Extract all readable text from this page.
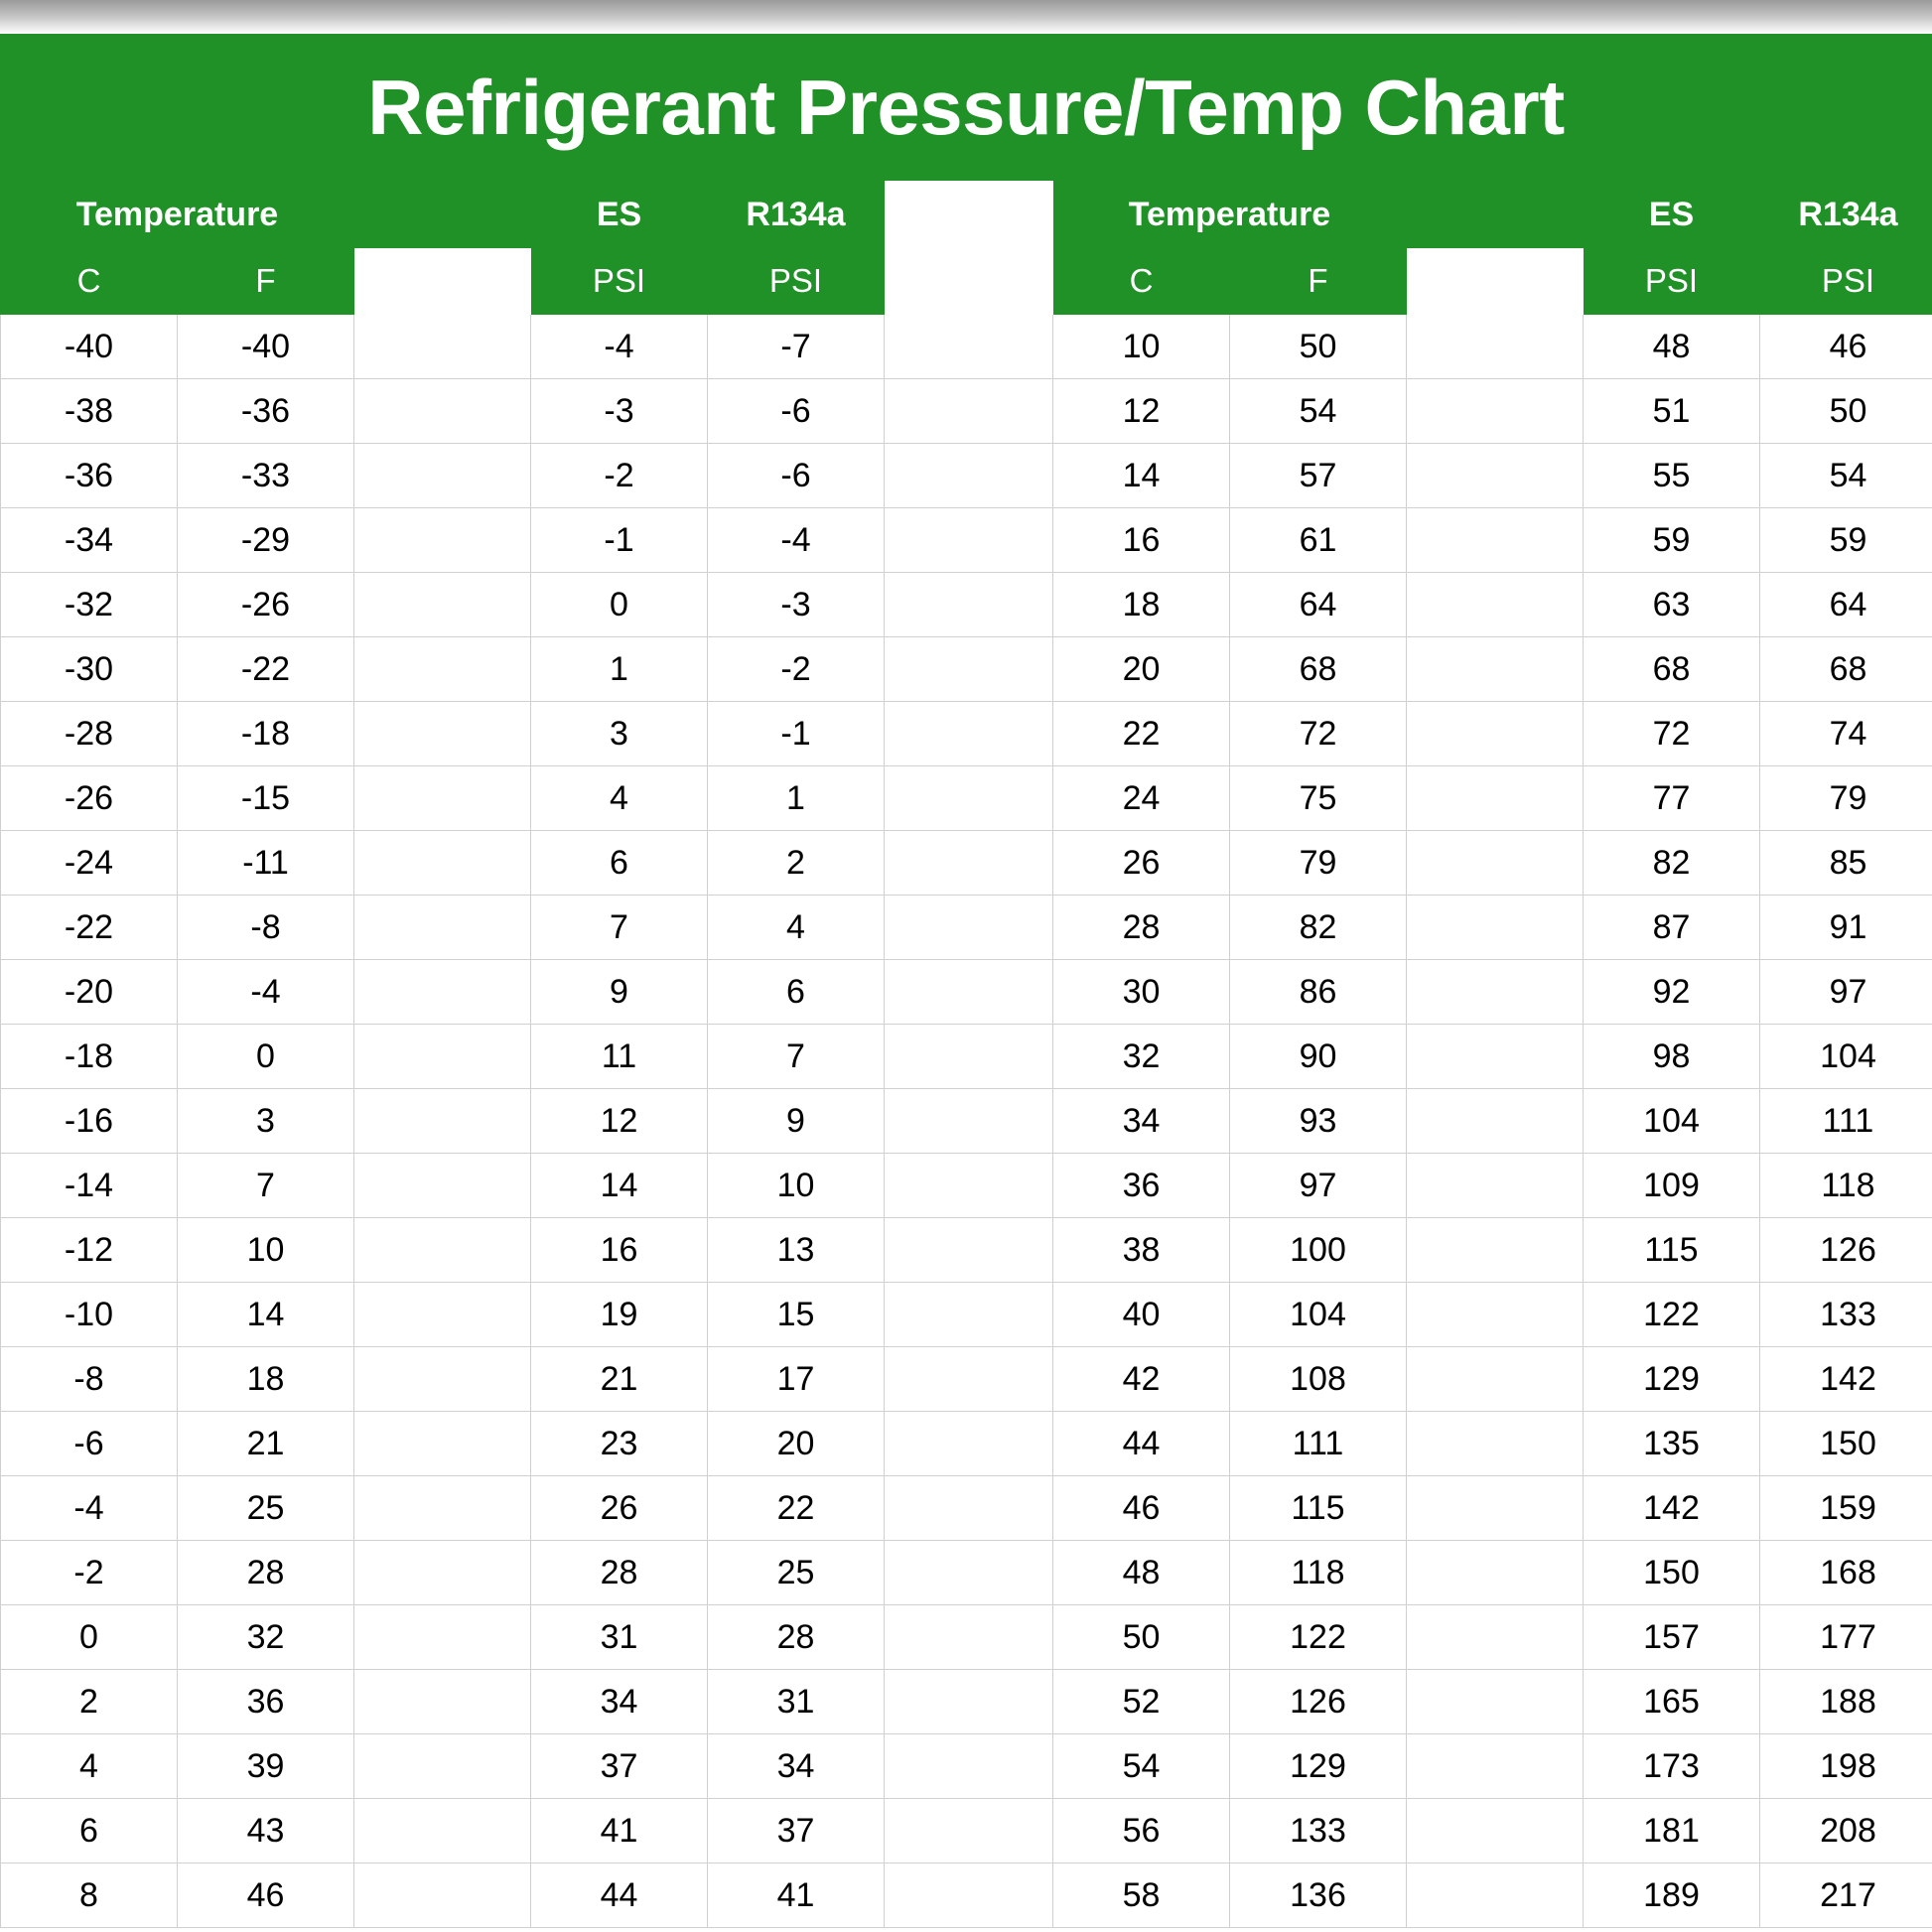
Refrigerant Pressure/Temp Chart
Temperature			ES	R134a		Temperature			ES	R134a
C	F		PSI	PSI		C	F		PSI	PSI
-40	-40		-4	-7		10	50		48	46
-38	-36		-3	-6		12	54		51	50
-36	-33		-2	-6		14	57		55	54
-34	-29		-1	-4		16	61		59	59
-32	-26		0	-3		18	64		63	64
-30	-22		1	-2		20	68		68	68
-28	-18		3	-1		22	72		72	74
-26	-15		4	1		24	75		77	79
-24	-11		6	2		26	79		82	85
-22	-8		7	4		28	82		87	91
-20	-4		9	6		30	86		92	97
-18	0		11	7		32	90		98	104
-16	3		12	9		34	93		104	111
-14	7		14	10		36	97		109	118
-12	10		16	13		38	100		115	126
-10	14		19	15		40	104		122	133
-8	18		21	17		42	108		129	142
-6	21		23	20		44	111		135	150
-4	25		26	22		46	115		142	159
-2	28		28	25		48	118		150	168
0	32		31	28		50	122		157	177
2	36		34	31		52	126		165	188
4	39		37	34		54	129		173	198
6	43		41	37		56	133		181	208
8	46		44	41		58	136		189	217
